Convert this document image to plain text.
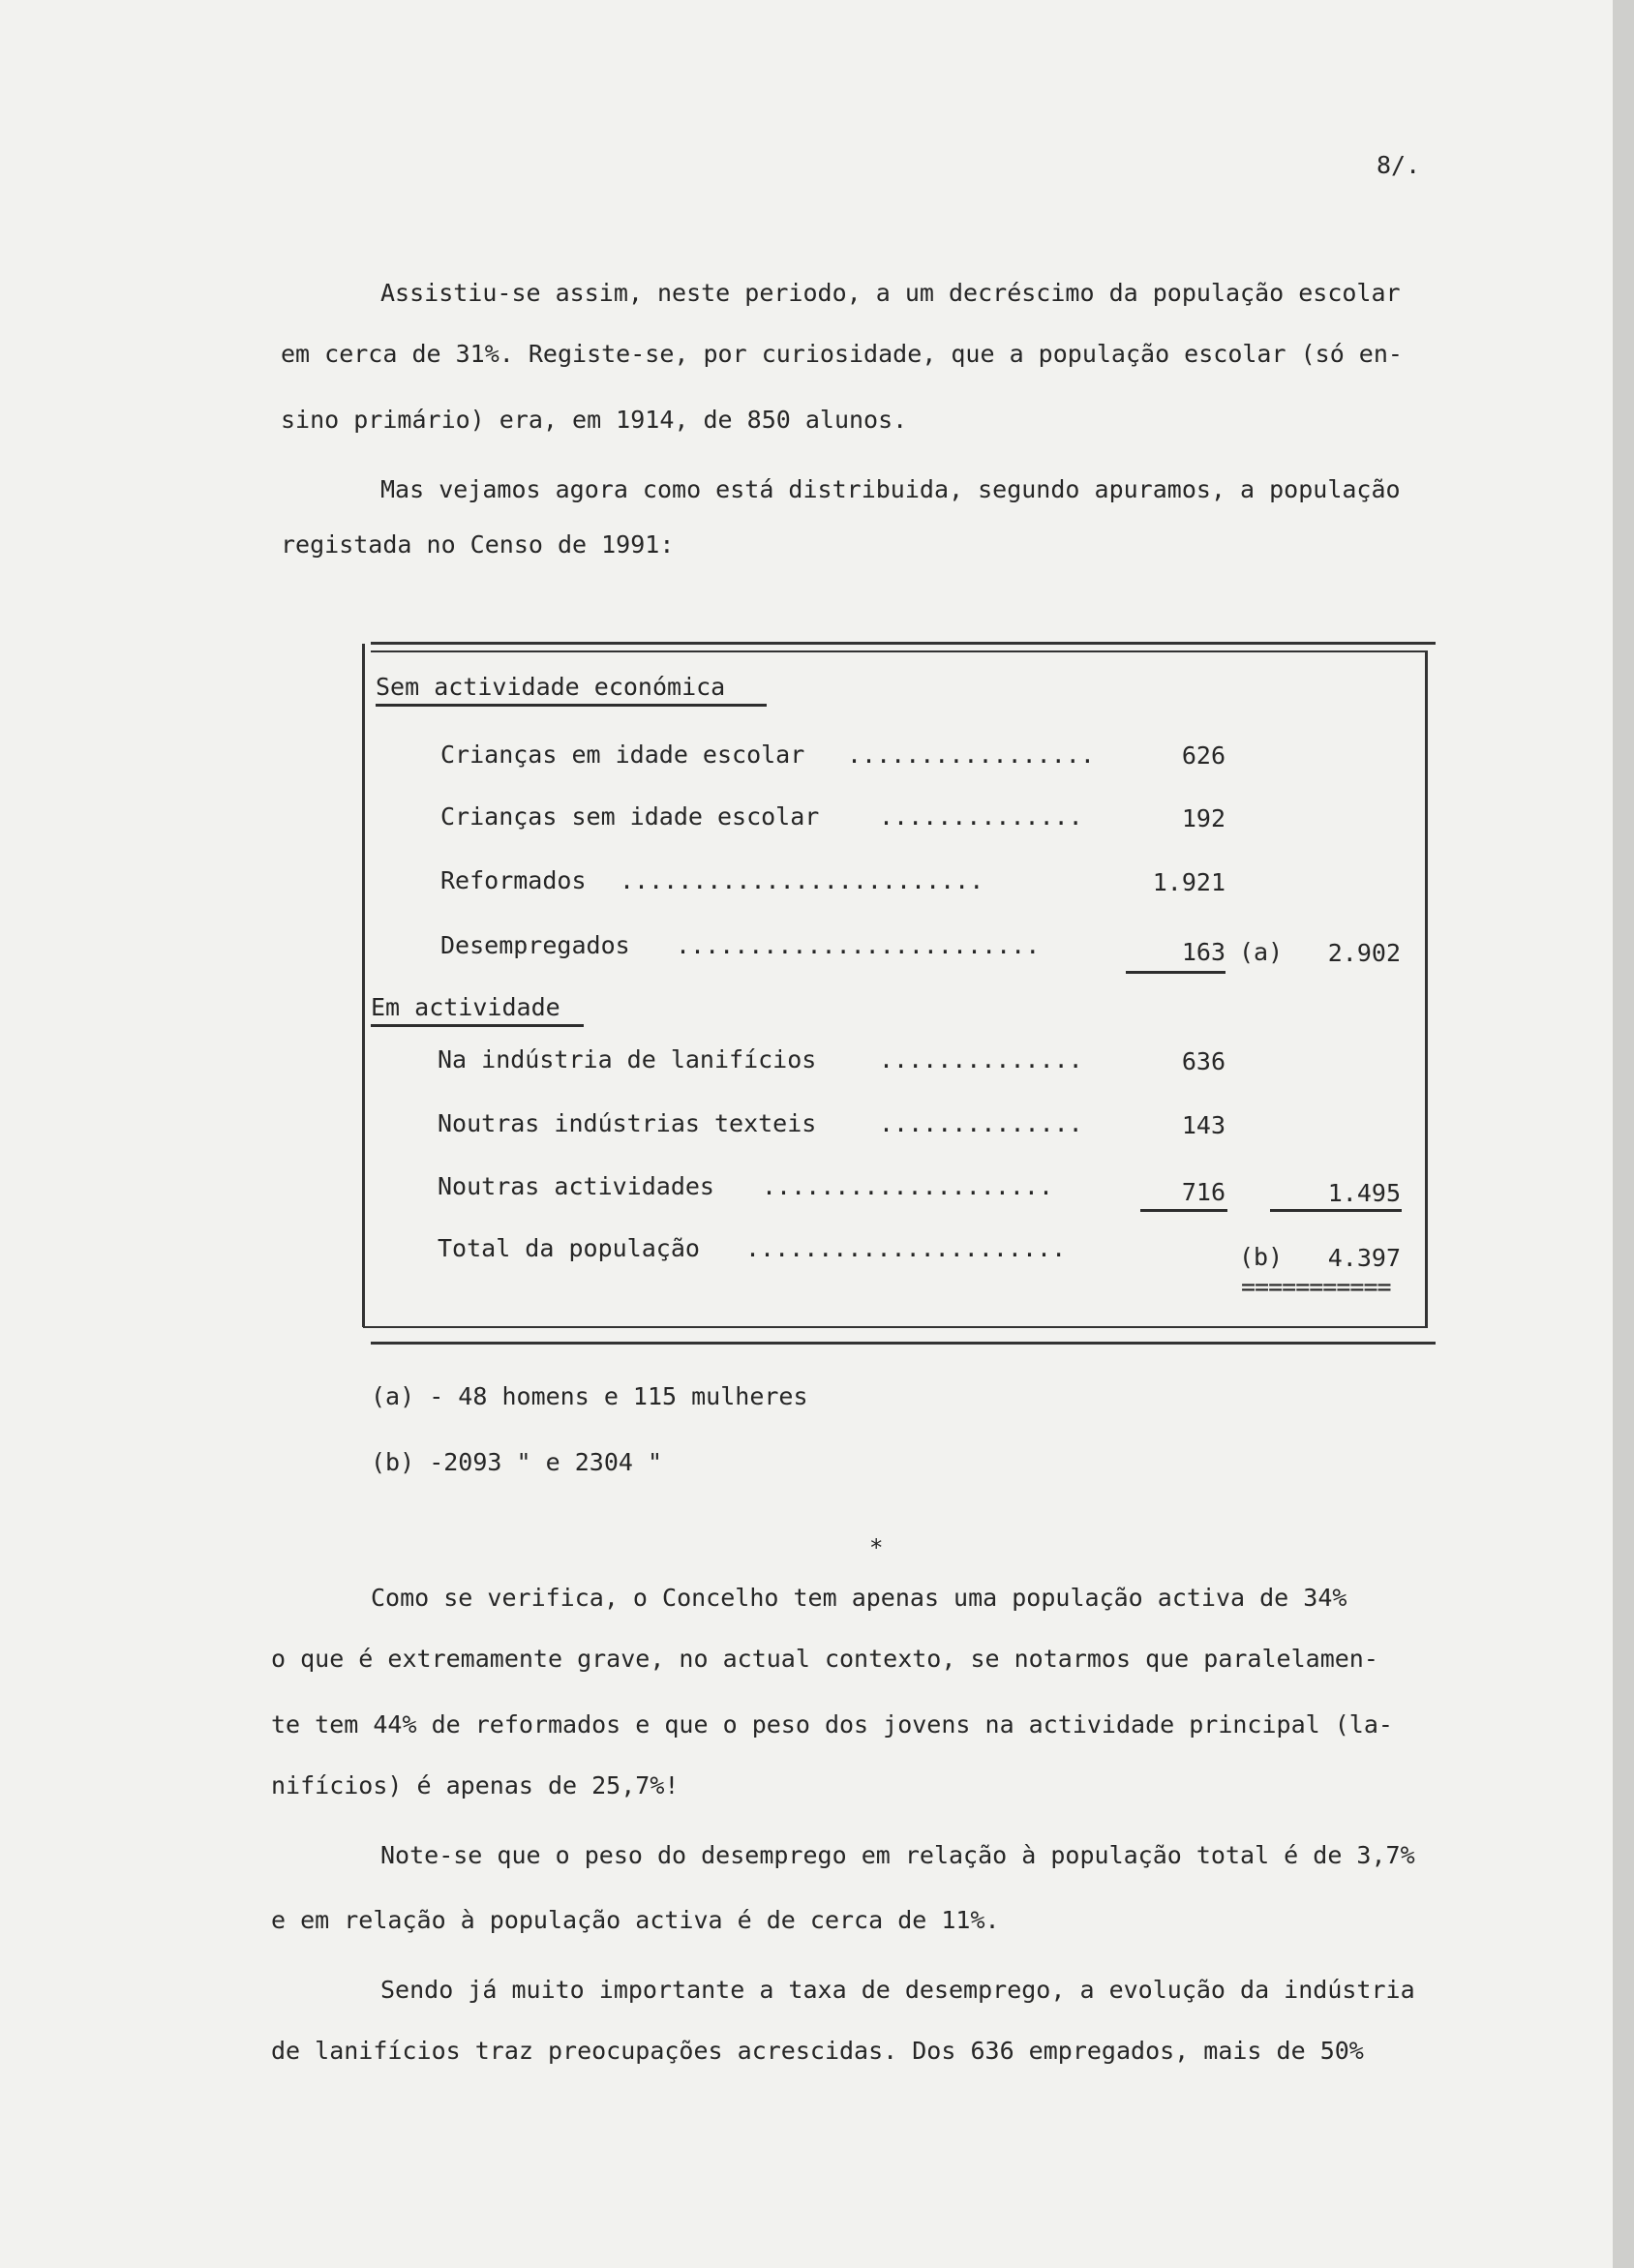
8/.
Assistiu-se assim, neste periodo, a um decréscimo da população escolar
em cerca de 31%. Registe-se, por curiosidade, que a população escolar (só en-
sino primário) era, em 1914, de 850 alunos.
Mas vejamos agora como está distribuida, segundo apuramos, a população
registada no Censo de 1991:
Sem actividade económica
Crianças em idade escolar .................	626
Crianças sem idade escolar ..............	192
Reformados .........................	1.921
Desempregados .........................	163 (a)	2.902
Em actividade
Na indústria de lanifícios	..............	636
Noutras indústrias texteis	..............	143
Noutras actividades ....................	716	1.495
Total da população ......................	(b)	4.397
===========
(a) - 48 homens e 115 mulheres
(b) -2093 " e 2304 "
*
Como se verifica, o Concelho tem apenas uma população activa de 34%
o que é extremamente grave, no actual contexto, se notarmos que paralelamen-
te tem 44% de reformados e que o peso dos jovens na actividade principal (la-
nifícios) é apenas de 25,7%!
Note-se que o peso do desemprego em relação à população total é de 3,7%
e em relação à população activa é de cerca de 11%.
Sendo já muito importante a taxa de desemprego, a evolução da indústria
de lanifícios traz preocupações acrescidas. Dos 636 empregados, mais de 50%
